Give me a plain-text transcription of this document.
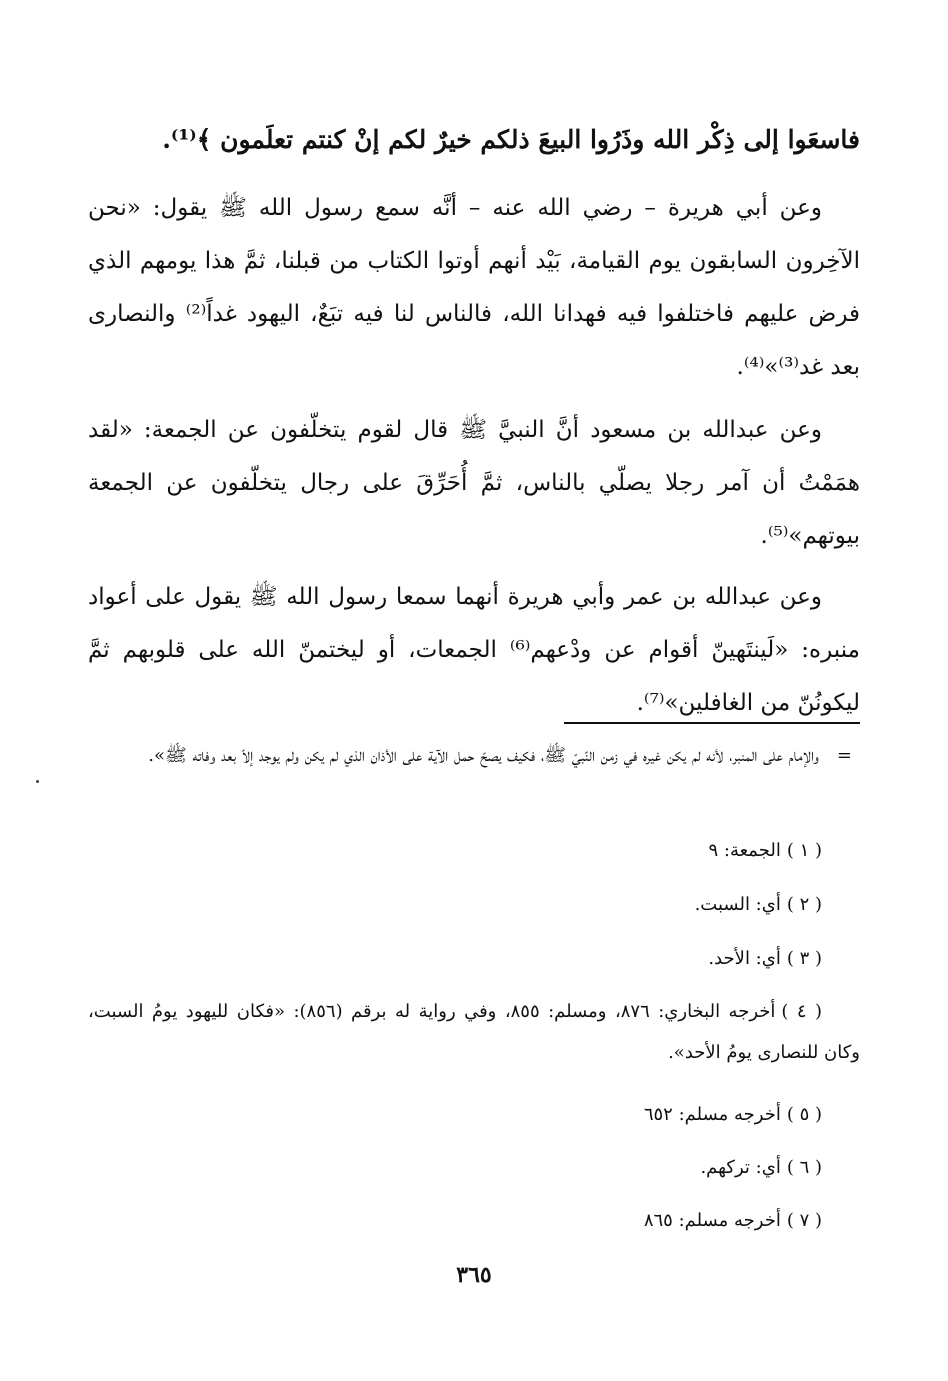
فاسعَوا إلى ذِكْر الله وذَرُوا البيعَ ذلكم خيرٌ لكم إنْ كنتم تعلَمون ﴾⁽¹⁾.

وعن أبي هريرة – رضي الله عنه – أنَّه سمع رسول الله ﷺ يقول: «نحن الآخِرون السابقون يوم القيامة، بَيْد أنهم أوتوا الكتاب من قبلنا، ثمَّ هذا يومهم الذي فرض عليهم فاختلفوا فيه فهدانا الله، فالناس لنا فيه تبَعٌ، اليهود غداً⁽²⁾ والنصارى بعد غد⁽³⁾»⁽⁴⁾.

وعن عبدالله بن مسعود أنَّ النبيَّ ﷺ قال لقوم يتخلّفون عن الجمعة: «لقد همَمْتُ أن آمر رجلا يصلّي بالناس، ثمَّ أُحَرِّقَ على رجال يتخلّفون عن الجمعة بيوتهم»⁽⁵⁾.

وعن عبدالله بن عمر وأبي هريرة أنهما سمعا رسول الله ﷺ يقول على أعواد منبره: «لَينتَهينّ أقوام عن ودْعهم⁽⁶⁾ الجمعات، أو ليختمنّ الله على قلوبهم ثمَّ ليكونُنّ من الغافلين»⁽⁷⁾.

=والإمام على المنبر، لأنه لم يكن غيره في زمن النّبيّ ﷺ، فكيف يصحّ حمل الآية على الأذان الذي لم يكن ولم يوجد إلاّ بعد وفاته ﷺ».
( ١ )الجمعة: ٩
( ٢ )أي: السبت.
( ٣ )أي: الأحد.
( ٤ )أخرجه البخاري: ٨٧٦، ومسلم: ٨٥٥، وفي رواية له برقم (٨٥٦): «فكان لليهود يومُ السبت، وكان للنصارى يومُ الأحد».
( ٥ )أخرجه مسلم: ٦٥٢
( ٦ )أي: تركهم.
( ٧ )أخرجه مسلم: ٨٦٥
٣٦٥
